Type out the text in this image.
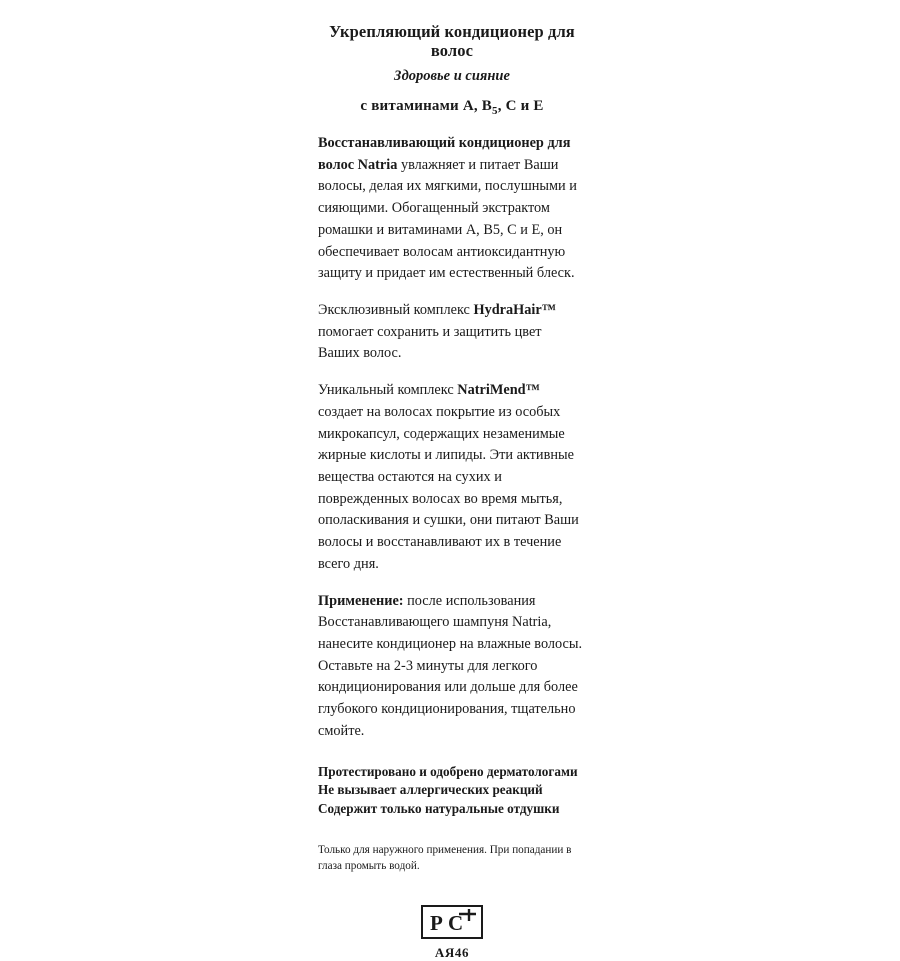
Укрепляющий кондиционер для волос
Здоровье и сияние
с витаминами A, $B_5$, C и E

Восстанавливающий кондиционер для волос Natria увлажняет и питает Ваши волосы, делая их мягкими, послушными и сияющими. Обогащенный экстрактом ромашки и витаминами A, B5, C и E, он обеспечивает волосам антиоксидантную защиту и придает им естественный блеск.

Эксклюзивный комплекс HydraHair™ помогает сохранить и защитить цвет Ваших волос.

Уникальный комплекс NatriMend™ создает на волосах покрытие из особых микрокапсул, содержащих незаменимые жирные кислоты и липиды. Эти активные вещества остаются на сухих и поврежденных волосах во время мытья, ополаскивания и сушки, они питают Ваши волосы и восстанавливают их в течение всего дня.

Применение: после использования Восстанавливающего шампуня Natria, нанесите кондиционер на влажные волосы. Оставьте на 2-3 минуты для легкого кондиционирования или дольше для более глубокого кондиционирования, тщательно смойте.

Протестировано и одобрено дерматологами
Не вызывает аллергических реакций
Содержит только натуральные отдушки
Только для наружного применения. При попадании в глаза промыть водой.
P C
АЯ46
